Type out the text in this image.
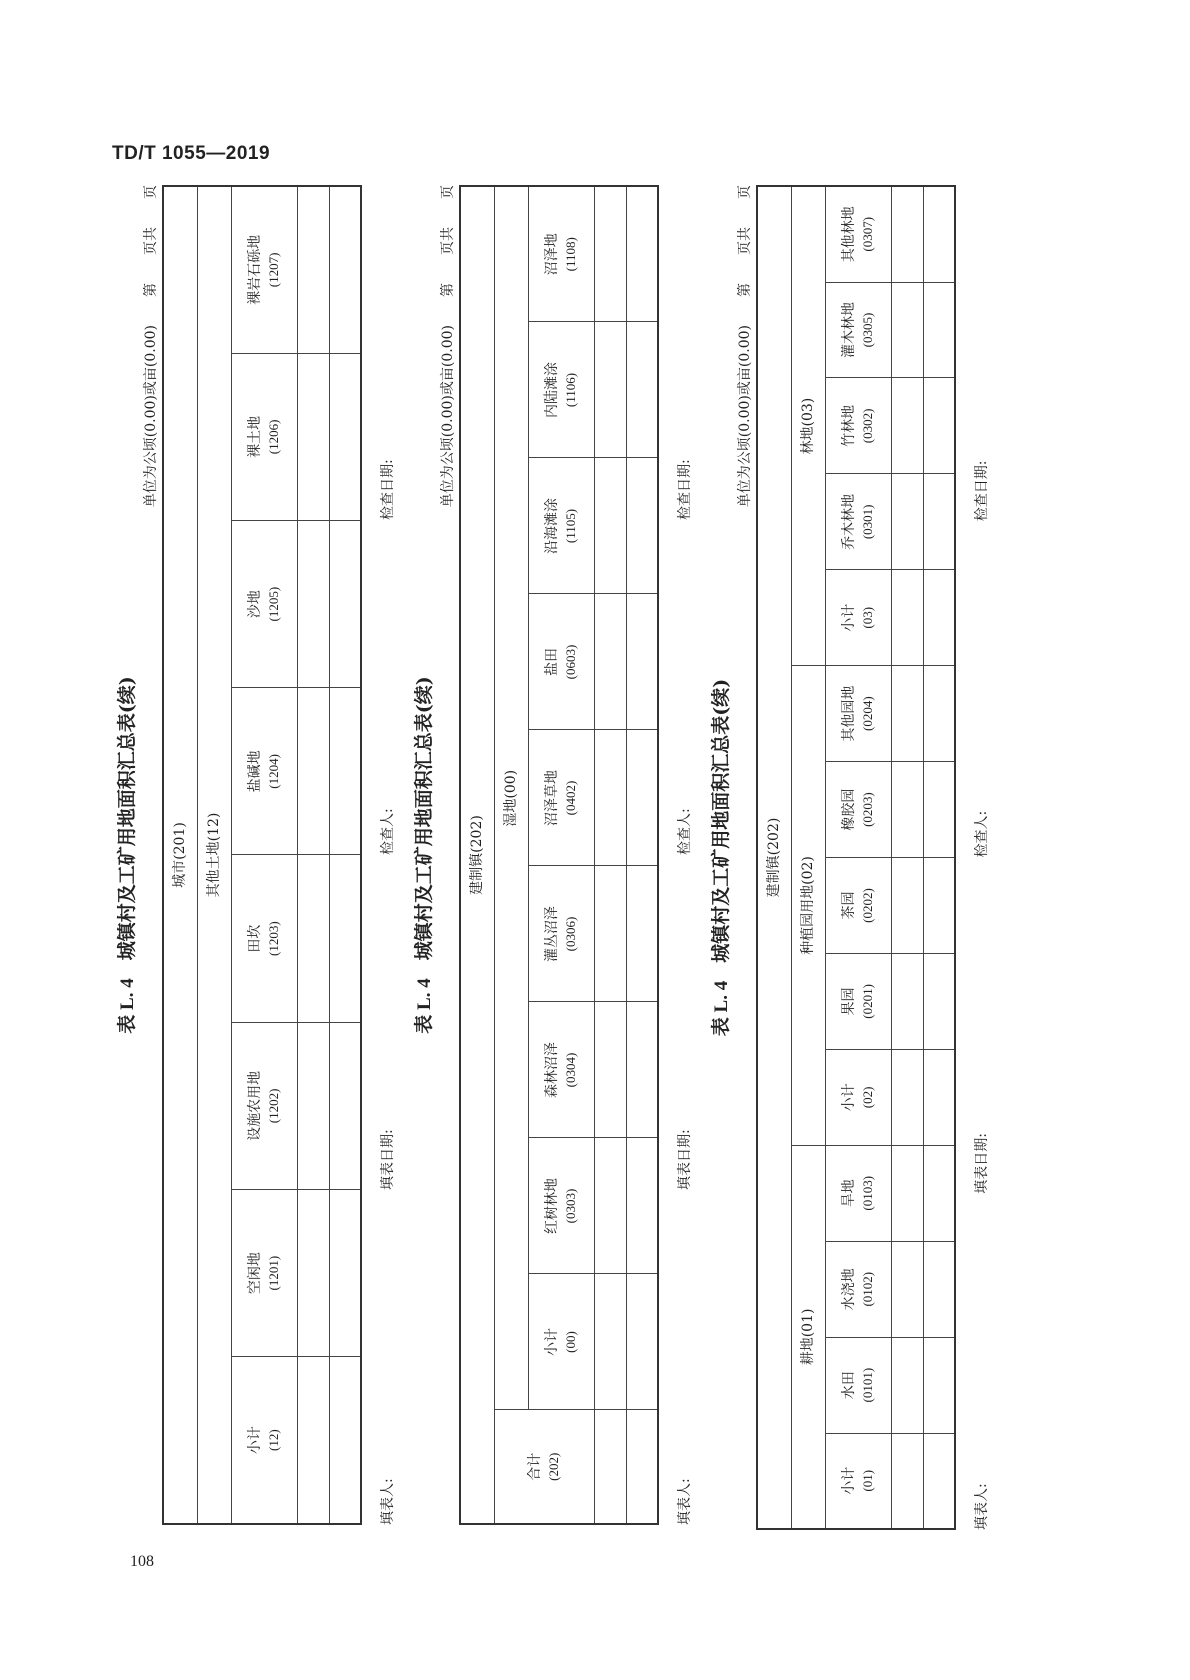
TD/T 1055—2019
表 L. 4
城镇村及工矿用地面积汇总表(续)
单位为公顷(0.00)或亩(0.00)
第
页共
页
城市(201)							
其他土地(12)							
小计 (12)	空闲地 (1201)	设施农用地 (1202)	田坎 (1203)	盐碱地 (1204)	沙地 (1205)	裸土地 (1206)	裸岩石砾地 (1207)

填表人:
填表日期:
检查人:
检查日期:
表 L. 4
城镇村及工矿用地面积汇总表(续)
单位为公顷(0.00)或亩(0.00)
第
页共
页
建制镇(202)									
合计 (202)	湿地(00)								
	小计 (00)	红树林地 (0303)	森林沼泽 (0304)	灌丛沼泽 (0306)	沼泽草地 (0402)	盐田 (0603)	沿海滩涂 (1105)	内陆滩涂 (1106)	沼泽地 (1108)

填表人:
填表日期:
检查人:
检查日期:
表 L. 4
城镇村及工矿用地面积汇总表(续)
单位为公顷(0.00)或亩(0.00)
第
页共
页
建制镇(202)													
耕地(01)				种植园用地(02)					林地(03)				
小计 (01)	水田 (0101)	水浇地 (0102)	旱地 (0103)	小计 (02)	果园 (0201)	茶园 (0202)	橡胶园 (0203)	其他园地 (0204)	小计 (03)	乔木林地 (0301)	竹林地 (0302)	灌木林地 (0305)	其他林地 (0307)

填表人:
填表日期:
检查人:
检查日期:
108
